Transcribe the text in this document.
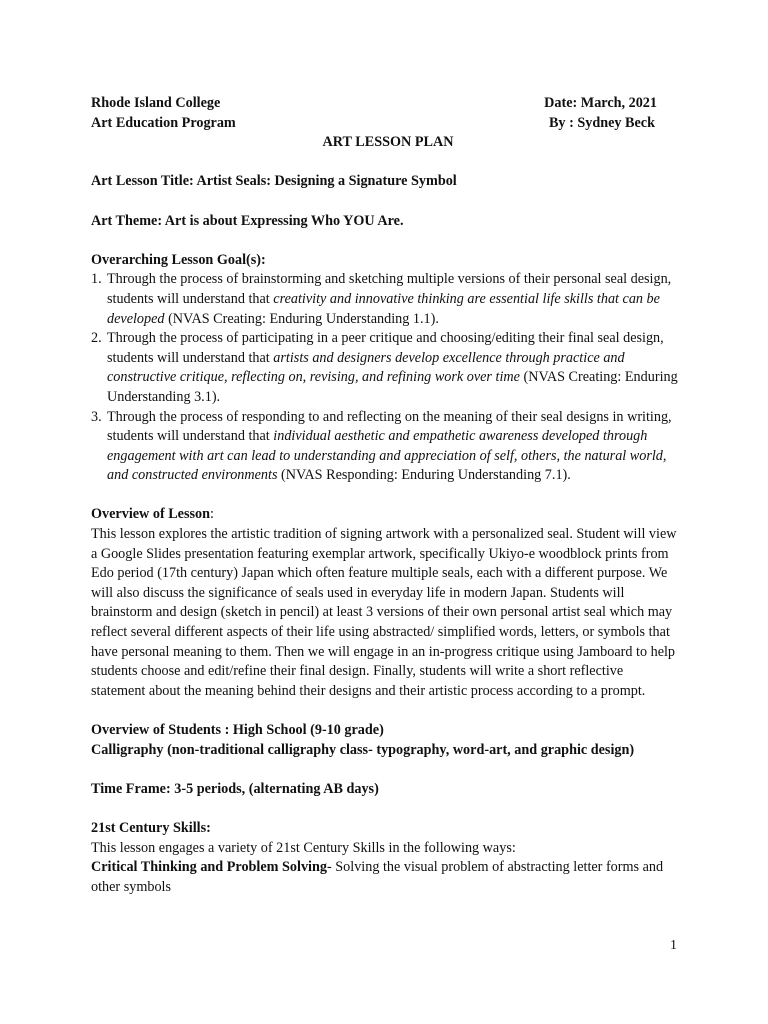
Rhode Island College	Date: March, 2021
Art Education Program	By : Sydney Beck
ART LESSON PLAN
Art Lesson Title: Artist Seals: Designing a Signature Symbol
Art Theme: Art is about Expressing Who YOU Are.
Overarching Lesson Goal(s):
1. Through the process of brainstorming and sketching multiple versions of their personal seal design, students will understand that creativity and innovative thinking are essential life skills that can be developed (NVAS Creating: Enduring Understanding 1.1).
2. Through the process of participating in a peer critique and choosing/editing their final seal design, students will understand that artists and designers develop excellence through practice and constructive critique, reflecting on, revising, and refining work over time (NVAS Creating: Enduring Understanding 3.1).
3. Through the process of responding to and reflecting on the meaning of their seal designs in writing, students will understand that individual aesthetic and empathetic awareness developed through engagement with art can lead to understanding and appreciation of self, others, the natural world, and constructed environments (NVAS Responding: Enduring Understanding 7.1).
Overview of Lesson:
This lesson explores the artistic tradition of signing artwork with a personalized seal. Student will view a Google Slides presentation featuring exemplar artwork, specifically Ukiyo-e woodblock prints from Edo period (17th century) Japan which often feature multiple seals, each with a different purpose. We will also discuss the significance of seals used in everyday life in modern Japan. Students will brainstorm and design (sketch in pencil) at least 3 versions of their own personal artist seal which may reflect several different aspects of their life using abstracted/ simplified words, letters, or symbols that have personal meaning to them. Then we will engage in an in-progress critique using Jamboard to help students choose and edit/refine their final design. Finally, students will write a short reflective statement about the meaning behind their designs and their artistic process according to a prompt.
Overview of Students : High School (9-10 grade)
Calligraphy (non-traditional calligraphy class- typography, word-art, and graphic design)
Time Frame: 3-5 periods, (alternating AB days)
21st Century Skills:
This lesson engages a variety of 21st Century Skills in the following ways:
Critical Thinking and Problem Solving- Solving the visual problem of abstracting letter forms and other symbols
1
